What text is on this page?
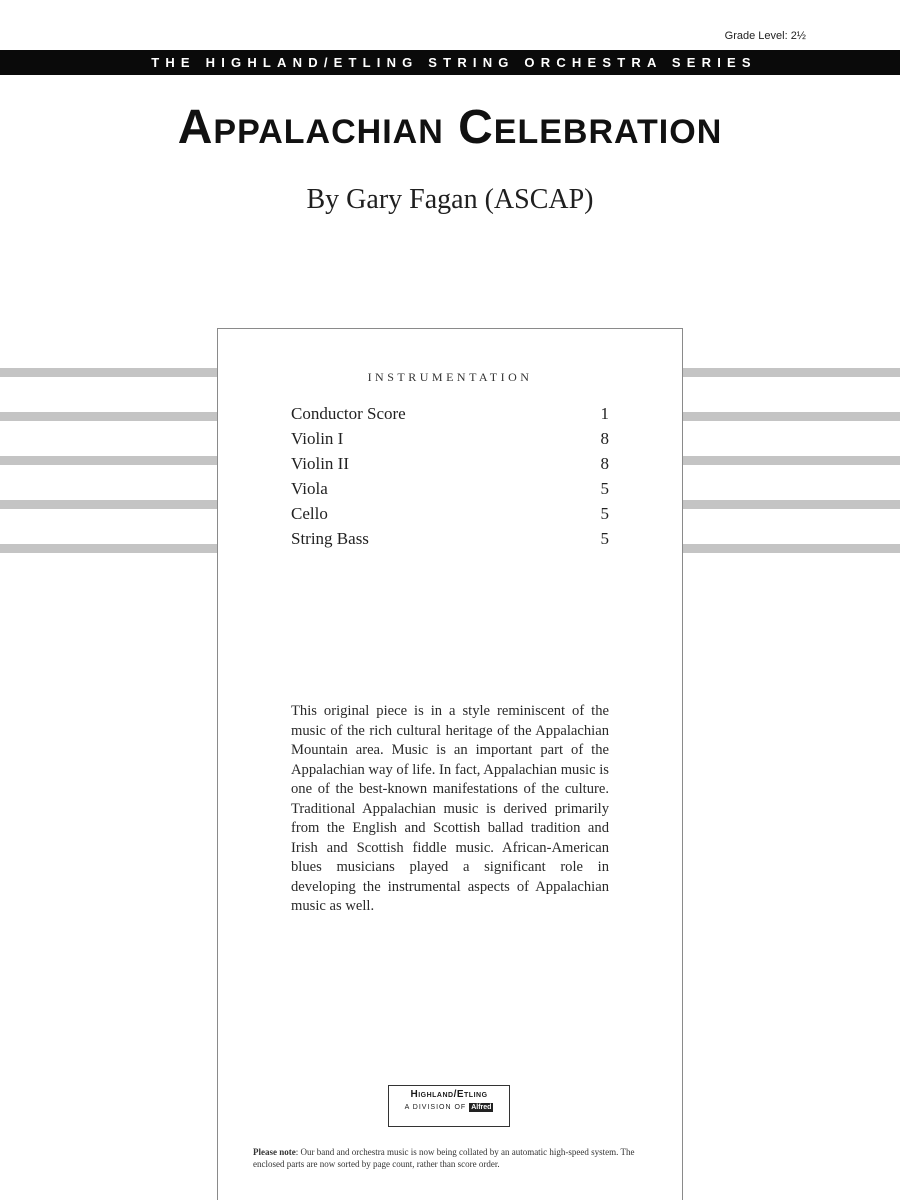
Grade Level: 2½
THE HIGHLAND/ETLING STRING ORCHESTRA SERIES
Appalachian Celebration
By Gary Fagan (ASCAP)
INSTRUMENTATION
Conductor Score	1
Violin I	8
Violin II	8
Viola	5
Cello	5
String Bass	5

This original piece is in a style reminiscent of the music of the rich cultural heritage of the Appalachian Mountain area. Music is an important part of the Appalachian way of life. In fact, Appalachian music is one of the best-known manifestations of the culture. Traditional Appalachian music is derived primarily from the English and Scottish ballad tradition and Irish and Scottish fiddle music. African-American blues musicians played a significant role in developing the instrumental aspects of Appalachian music as well.

Highland/Etling
A DIVISION OF Alfred

Please note: Our band and orchestra music is now being collated by an automatic high-speed system. The enclosed parts are now sorted by page count, rather than score order.
